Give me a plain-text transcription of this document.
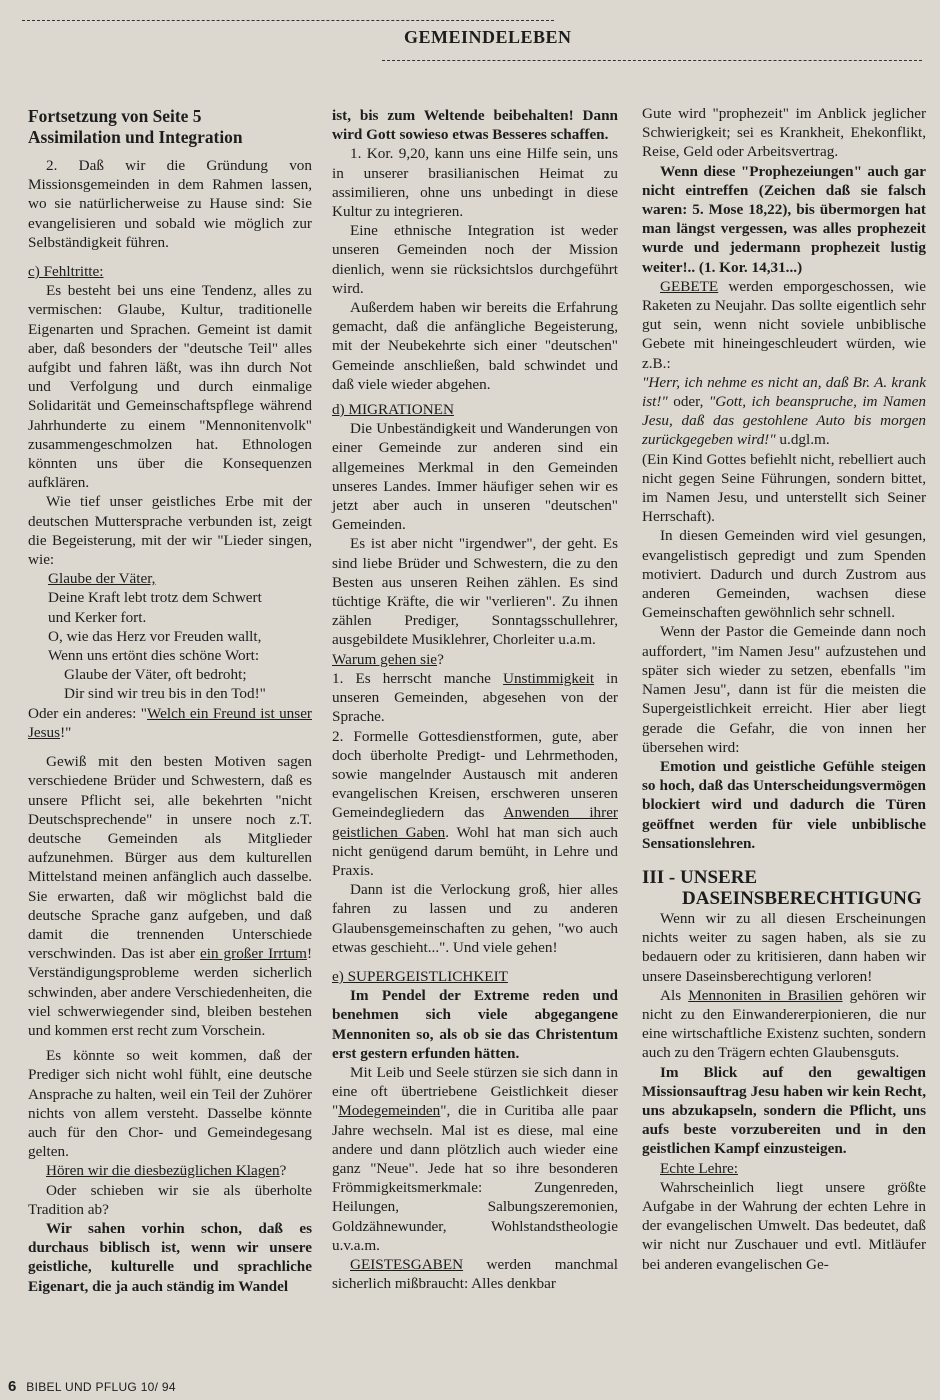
GEMEINDELEBEN
Fortsetzung von Seite 5
Assimilation und Integration

2. Daß wir die Gründung von Missionsgemeinden in dem Rahmen lassen, wo sie natürlicherweise zu Hause sind: Sie evangelisieren und sobald wie möglich zur Selbständigkeit führen.

c) Fehltritte:

Es besteht bei uns eine Tendenz, alles zu vermischen: Glaube, Kultur, traditionelle Eigenarten und Sprachen. Gemeint ist damit aber, daß besonders der "deutsche Teil" alles aufgibt und fahren läßt, was ihn durch Not und Verfolgung und durch einmalige Solidarität und Gemeinschaftspflege während Jahrhunderte zu einem "Mennonitenvolk" zusammengeschmolzen hat. Ethnologen könnten uns über die Konsequenzen aufklären.

Wie tief unser geistliches Erbe mit der deutschen Muttersprache verbunden ist, zeigt die Begeisterung, mit der wir "Lieder singen, wie:

Glaube der Väter,
Deine Kraft lebt trotz dem Schwert
und Kerker fort.
O, wie das Herz vor Freuden wallt,
Wenn uns ertönt dies schöne Wort:
Glaube der Väter, oft bedroht;
Dir sind wir treu bis in den Tod!"

Oder ein anderes: "Welch ein Freund ist unser Jesus!"

Gewiß mit den besten Motiven sagen verschiedene Brüder und Schwestern, daß es unsere Pflicht sei, alle bekehrten "nicht Deutschsprechende" in unsere noch z.T. deutsche Gemeinden als Mitglieder aufzunehmen. Bürger aus dem kulturellen Mittelstand meinen anfänglich auch dasselbe. Sie erwarten, daß wir möglichst bald die deutsche Sprache ganz aufgeben, und daß damit die trennenden Unterschiede verschwinden. Das ist aber ein großer Irrtum! Verständigungsprobleme werden sicherlich schwinden, aber andere Verschiedenheiten, die viel schwerwiegender sind, bleiben bestehen und kommen erst recht zum Vorschein.

Es könnte so weit kommen, daß der Prediger sich nicht wohl fühlt, eine deutsche Ansprache zu halten, weil ein Teil der Zuhörer nichts von allem versteht. Dasselbe könnte auch für den Chor- und Gemeindegesang gelten.

Hören wir die diesbezüglichen Klagen?

Oder schieben wir sie als überholte Tradition ab?

Wir sahen vorhin schon, daß es durchaus biblisch ist, wenn wir unsere geistliche, kulturelle und sprachliche Eigenart, die ja auch ständig im Wandel

ist, bis zum Weltende beibehalten! Dann wird Gott sowieso etwas Besseres schaffen.

1. Kor. 9,20, kann uns eine Hilfe sein, uns in unserer brasilianischen Heimat zu assimilieren, ohne uns unbedingt in diese Kultur zu integrieren.

Eine ethnische Integration ist weder unseren Gemeinden noch der Mission dienlich, wenn sie rücksichtslos durchgeführt wird.

Außerdem haben wir bereits die Erfahrung gemacht, daß die anfängliche Begeisterung, mit der Neubekehrte sich einer "deutschen" Gemeinde anschließen, bald schwindet und daß viele wieder abgehen.

d) MIGRATIONEN

Die Unbeständigkeit und Wanderungen von einer Gemeinde zur anderen sind ein allgemeines Merkmal in den Gemeinden unseres Landes. Immer häufiger sehen wir es jetzt aber auch in unseren "deutschen" Gemeinden.

Es ist aber nicht "irgendwer", der geht. Es sind liebe Brüder und Schwestern, die zu den Besten aus unseren Reihen zählen. Es sind tüchtige Kräfte, die wir "verlieren". Zu ihnen zählen Prediger, Sonntagsschullehrer, ausgebildete Musiklehrer, Chorleiter u.a.m.

Warum gehen sie?

1. Es herrscht manche Unstimmigkeit in unseren Gemeinden, abgesehen von der Sprache.

2. Formelle Gottesdienstformen, gute, aber doch überholte Predigt- und Lehrmethoden, sowie mangelnder Austausch mit anderen evangelischen Kreisen, erschweren unseren Gemeindegliedern das Anwenden ihrer geistlichen Gaben. Wohl hat man sich auch nicht genügend darum bemüht, in Lehre und Praxis.

Dann ist die Verlockung groß, hier alles fahren zu lassen und zu anderen Glaubensgemeinschaften zu gehen, "wo auch etwas geschieht...". Und viele gehen!

e) SUPERGEISTLICHKEIT

Im Pendel der Extreme reden und benehmen sich viele abgegangene Mennoniten so, als ob sie das Christentum erst gestern erfunden hätten.

Mit Leib und Seele stürzen sie sich dann in eine oft übertriebene Geistlichkeit dieser "Modegemeinden", die in Curitiba alle paar Jahre wechseln. Mal ist es diese, mal eine andere und dann plötzlich auch wieder eine ganz "Neue". Jede hat so ihre besonderen Frömmigkeitsmerkmale: Zungenreden, Heilungen, Salbungszeremonien, Goldzähnewunder, Wohlstandstheologie u.v.a.m.

GEISTESGABEN werden manchmal sicherlich mißbraucht: Alles denkbar

Gute wird "prophezeit" im Anblick jeglicher Schwierigkeit; sei es Krankheit, Ehekonflikt, Reise, Geld oder Arbeitsvertrag.

Wenn diese "Prophezeiungen" auch gar nicht eintreffen (Zeichen daß sie falsch waren: 5. Mose 18,22), bis übermorgen hat man längst vergessen, was alles prophezeit wurde und jedermann prophezeit lustig weiter!.. (1. Kor. 14,31...)

GEBETE werden emporgeschossen, wie Raketen zu Neujahr. Das sollte eigentlich sehr gut sein, wenn nicht soviele unbiblische Gebete mit hineingeschleudert würden, wie z.B.:

"Herr, ich nehme es nicht an, daß Br. A. krank ist!" oder, "Gott, ich beanspruche, im Namen Jesu, daß das gestohlene Auto bis morgen zurückgegeben wird!" u.dgl.m.

(Ein Kind Gottes befiehlt nicht, rebelliert auch nicht gegen Seine Führungen, sondern bittet, im Namen Jesu, und unterstellt sich Seiner Herrschaft).

In diesen Gemeinden wird viel gesungen, evangelistisch gepredigt und zum Spenden motiviert. Dadurch und durch Zustrom aus anderen Gemeinden, wachsen diese Gemeinschaften gewöhnlich sehr schnell.

Wenn der Pastor die Gemeinde dann noch auffordert, "im Namen Jesu" aufzustehen und später sich wieder zu setzen, ebenfalls "im Namen Jesu", dann ist für die meisten die Supergeistlichkeit erreicht. Hier aber liegt gerade die Gefahr, die von innen her übersehen wird:

Emotion und geistliche Gefühle steigen so hoch, daß das Unterscheidungsvermögen blockiert wird und dadurch die Türen geöffnet werden für viele unbiblische Sensationslehren.

III - UNSERE
DASEINSBERECHTIGUNG

Wenn wir zu all diesen Erscheinungen nichts weiter zu sagen haben, als sie zu bedauern oder zu kritisieren, dann haben wir unsere Daseinsberechtigung verloren!

Als Mennoniten in Brasilien gehören wir nicht zu den Einwandererpionieren, die nur eine wirtschaftliche Existenz suchten, sondern auch zu den Trägern echten Glaubensguts.

Im Blick auf den gewaltigen Missionsauftrag Jesu haben wir kein Recht, uns abzukapseln, sondern die Pflicht, uns aufs beste vorzubereiten und in den geistlichen Kampf einzusteigen.

Echte Lehre:

Wahrscheinlich liegt unsere größte Aufgabe in der Wahrung der echten Lehre in der evangelischen Umwelt. Das bedeutet, daß wir nicht nur Zuschauer und evtl. Mitläufer bei anderen evangelischen Ge-

6 BIBEL UND PFLUG 10/ 94
